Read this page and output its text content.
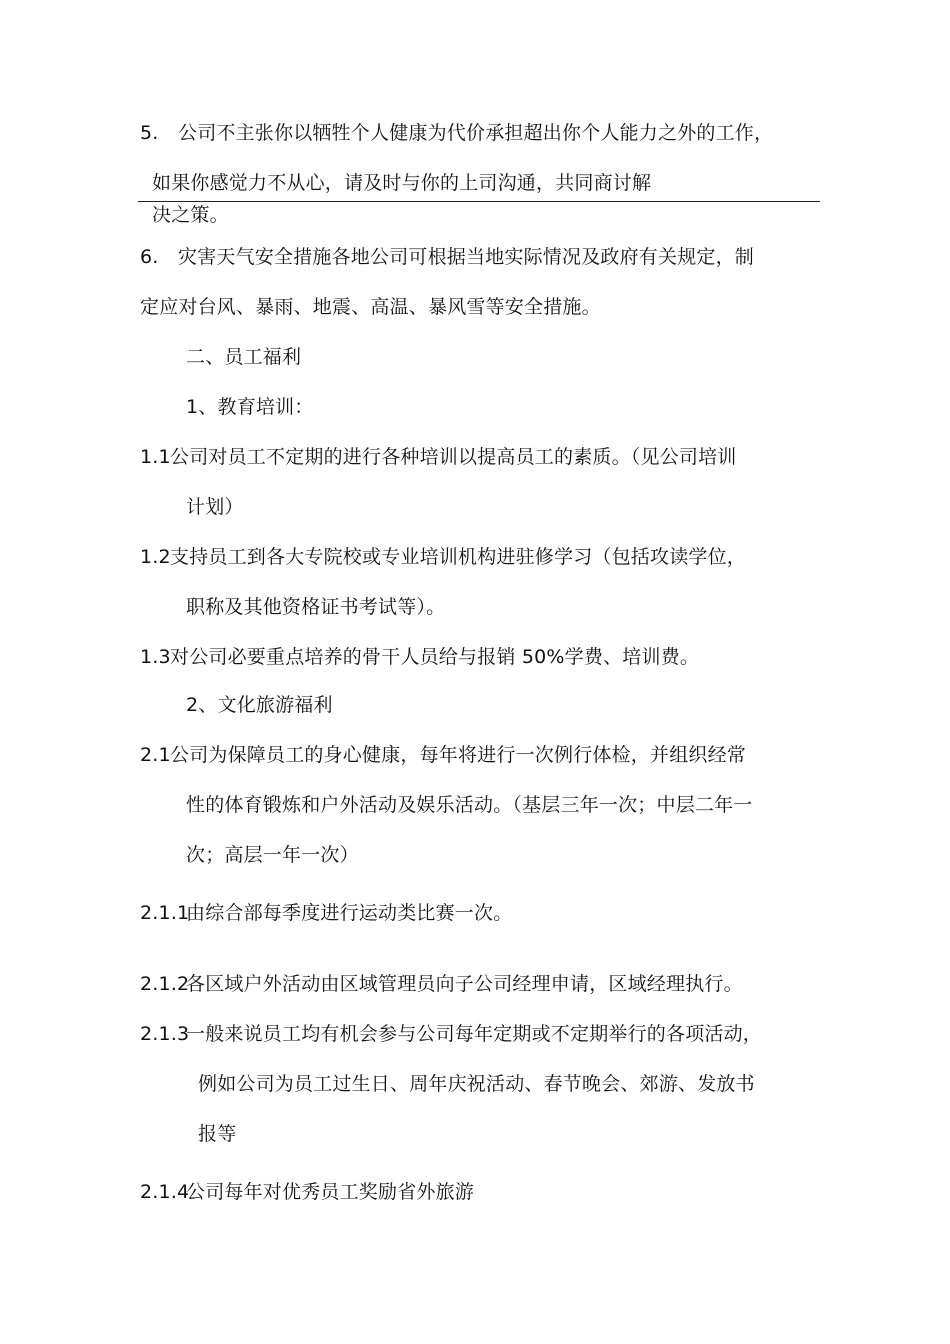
5. 公司不主张你以牺牲个人健康为代价承担超出你个人能力之外的工作，
如果你感觉力不从心，请及时与你的上司沟通，共同商讨解
决之策。
6. 灾害天气安全措施各地公司可根据当地实际情况及政府有关规定，制
定应对台风、暴雨、地震、高温、暴风雪等安全措施。
二、员工福利
1、教育培训：
1.1公司对员工不定期的进行各种培训以提高员工的素质。（见公司培训
计划）
1.2支持员工到各大专院校或专业培训机构进驻修学习（包括攻读学位，
职称及其他资格证书考试等）。
1.3对公司必要重点培养的骨干人员给与报销 50%学费、培训费。
2、文化旅游福利
2.1公司为保障员工的身心健康，每年将进行一次例行体检，并组织经常
性的体育锻炼和户外活动及娱乐活动。（基层三年一次；中层二年一
次；高层一年一次）
2.1.1由综合部每季度进行运动类比赛一次。
2.1.2各区域户外活动由区域管理员向子公司经理申请，区域经理执行。
2.1.3一般来说员工均有机会参与公司每年定期或不定期举行的各项活动，
例如公司为员工过生日、周年庆祝活动、春节晚会、郊游、发放书
报等
2.1.4公司每年对优秀员工奖励省外旅游
